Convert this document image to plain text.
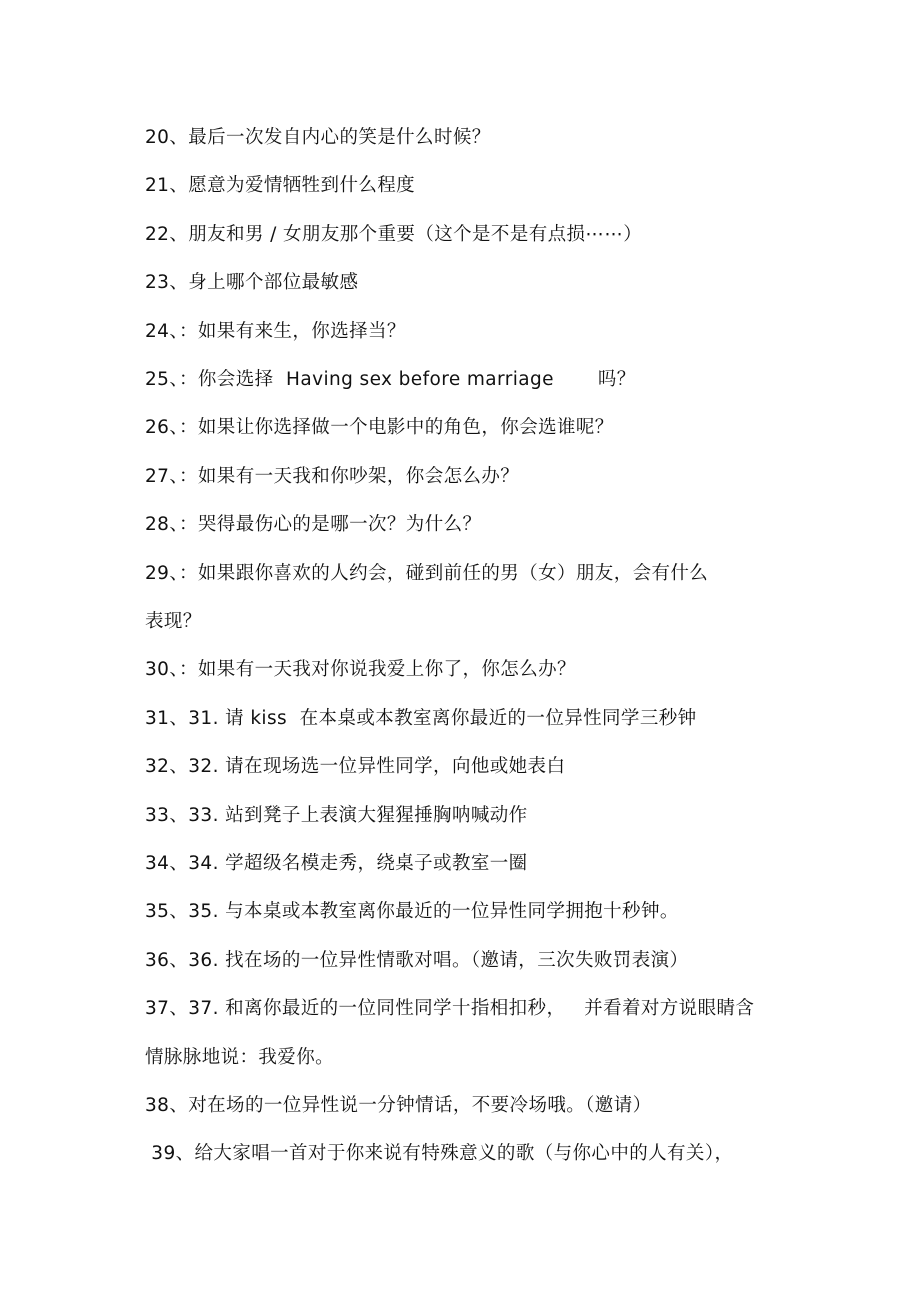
20、最后一次发自内心的笑是什么时候？
21、愿意为爱情牺牲到什么程度
22、朋友和男 / 女朋友那个重要（这个是不是有点损⋯⋯）
23、身上哪个部位最敏感
24、：如果有来生，你选择当？
25、：你会选择  Having sex before marriage       吗？
26、：如果让你选择做一个电影中的角色，你会选谁呢？
27、：如果有一天我和你吵架，你会怎么办？
28、：哭得最伤心的是哪一次？为什么？
29、：如果跟你喜欢的人约会，碰到前任的男（女）朋友，会有什么
表现？
30、：如果有一天我对你说我爱上你了，你怎么办？
31、31. 请 kiss  在本桌或本教室离你最近的一位异性同学三秒钟
32、32. 请在现场选一位异性同学，向他或她表白
33、33. 站到凳子上表演大猩猩捶胸呐喊动作
34、34. 学超级名模走秀，绕桌子或教室一圈
35、35. 与本桌或本教室离你最近的一位异性同学拥抱十秒钟。
36、36. 找在场的一位异性情歌对唱。（邀请，三次失败罚表演）
37、37. 和离你最近的一位同性同学十指相扣秒，   并看着对方说眼睛含
情脉脉地说：我爱你。
38、对在场的一位异性说一分钟情话，不要冷场哦。（邀请）
39、给大家唱一首对于你来说有特殊意义的歌（与你心中的人有关），
